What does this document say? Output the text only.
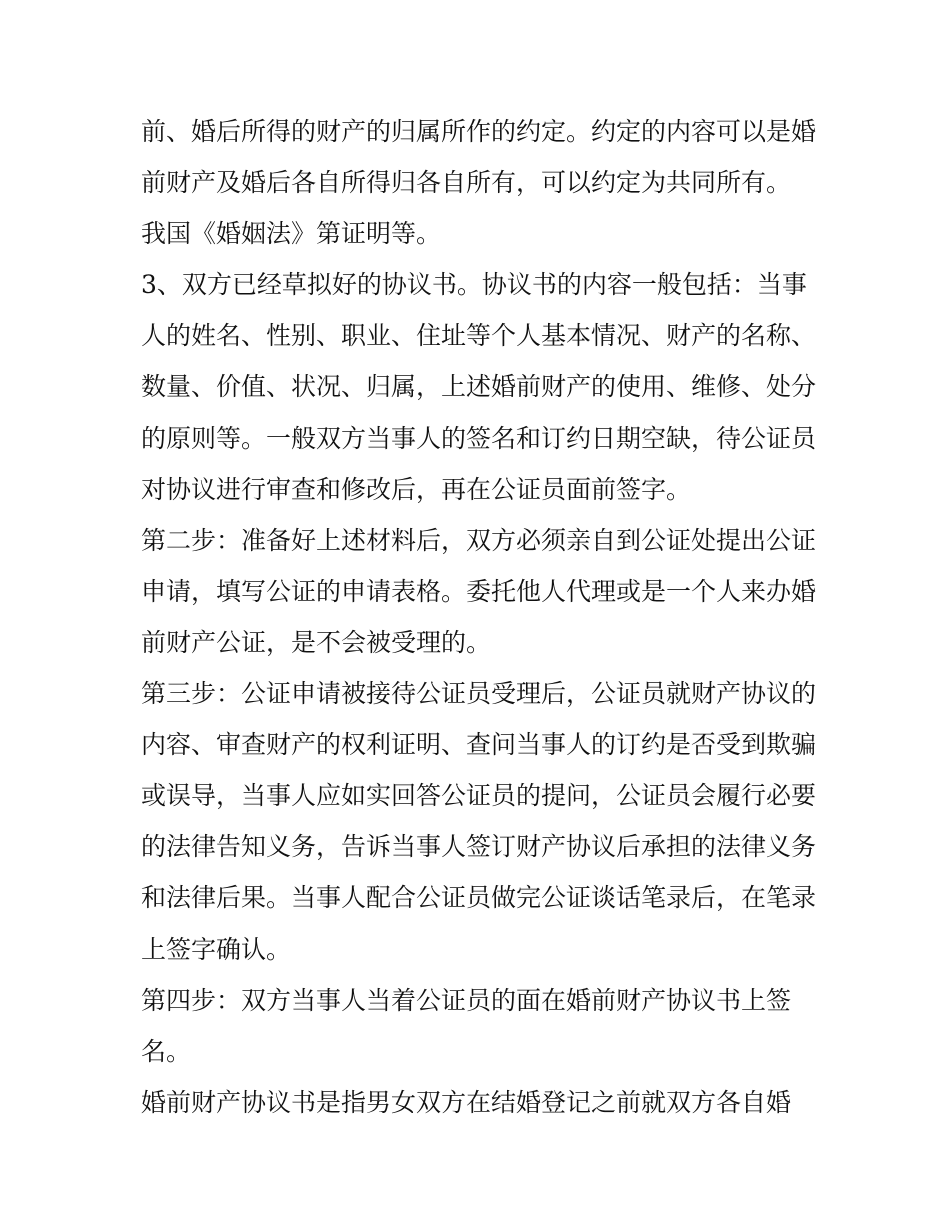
前、婚后所得的财产的归属所作的约定。约定的内容可以是婚
前财产及婚后各自所得归各自所有，可以约定为共同所有。
我国《婚姻法》第证明等。
3、双方已经草拟好的协议书。协议书的内容一般包括：当事
人的姓名、性别、职业、住址等个人基本情况、财产的名称、
数量、价值、状况、归属，上述婚前财产的使用、维修、处分
的原则等。一般双方当事人的签名和订约日期空缺，待公证员
对协议进行审查和修改后，再在公证员面前签字。
第二步：准备好上述材料后，双方必须亲自到公证处提出公证
申请，填写公证的申请表格。委托他人代理或是一个人来办婚
前财产公证，是不会被受理的。
第三步：公证申请被接待公证员受理后，公证员就财产协议的
内容、审查财产的权利证明、查问当事人的订约是否受到欺骗
或误导，当事人应如实回答公证员的提问，公证员会履行必要
的法律告知义务，告诉当事人签订财产协议后承担的法律义务
和法律后果。当事人配合公证员做完公证谈话笔录后，在笔录
上签字确认。
第四步：双方当事人当着公证员的面在婚前财产协议书上签
名。
婚前财产协议书是指男女双方在结婚登记之前就双方各自婚
